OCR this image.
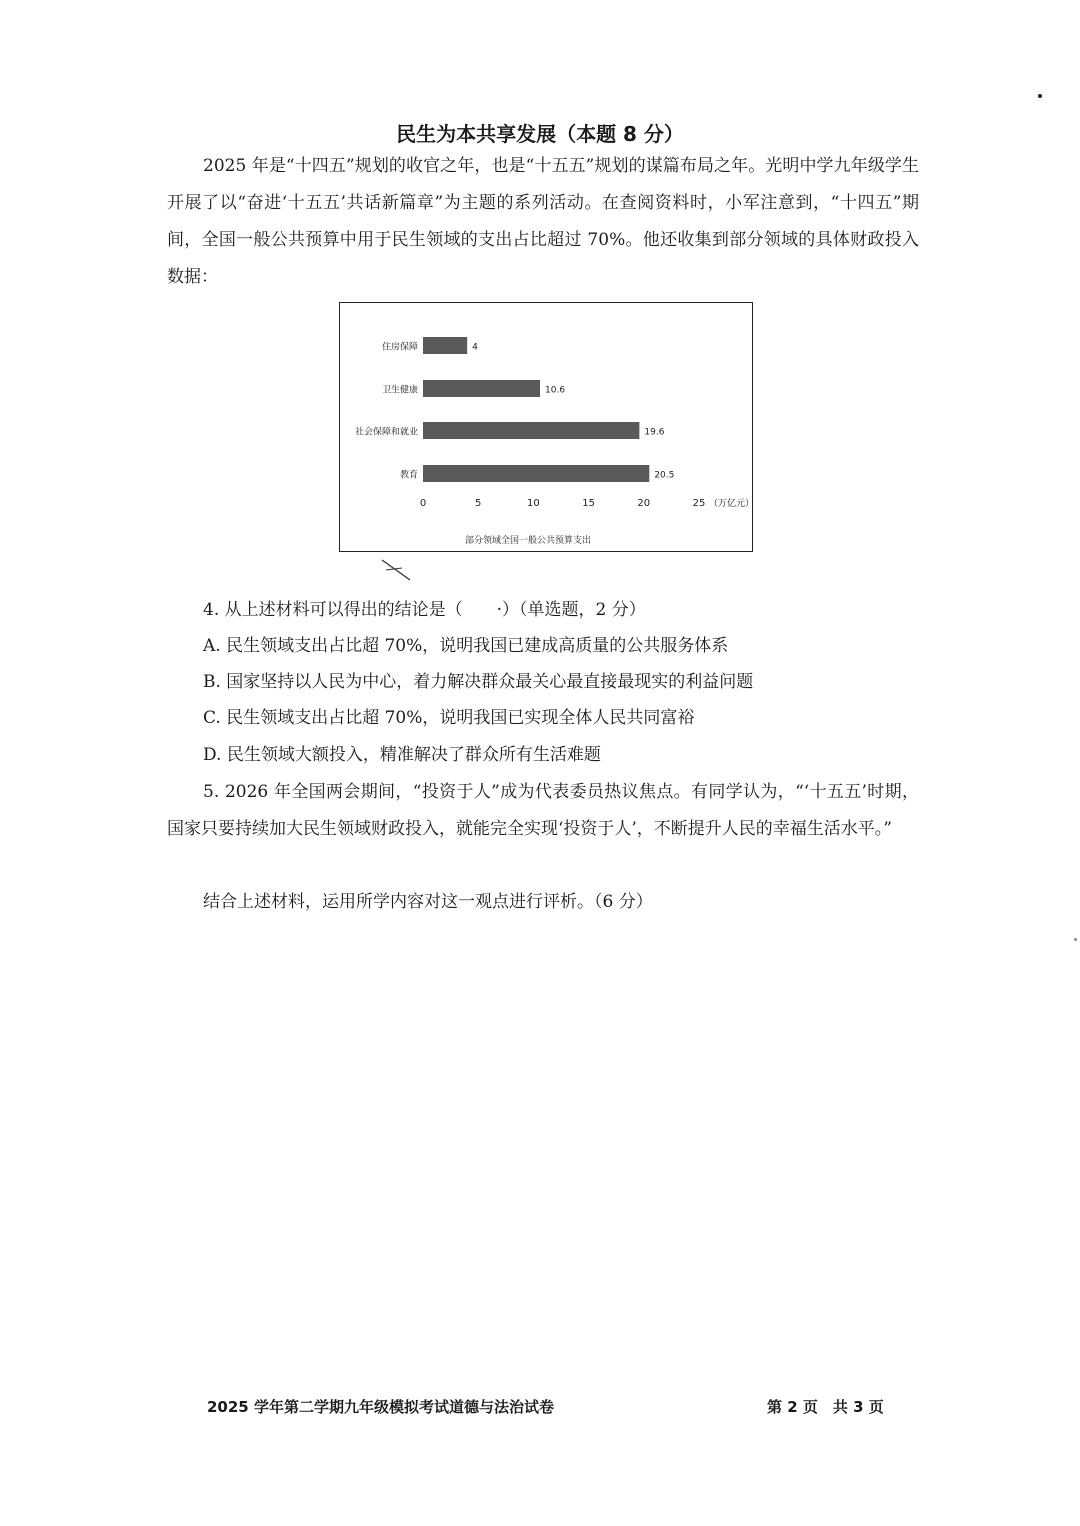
民生为本共享发展（本题 8 分）

2025 年是“十四五”规划的收官之年，也是“十五五”规划的谋篇布局之年。光明中学九年级学生开展了以“奋进‘十五五’共话新篇章”为主题的系列活动。在查阅资料时，小军注意到，“十四五”期间，全国一般公共预算中用于民生领域的支出占比超过 70%。他还收集到部分领域的具体财政投入数据：

住房保障	4
卫生健康	10.6
社会保障和就业	19.6
教育	20.5
0	5	10	15	20	25 （万亿元）
部分领域全国一般公共预算支出

4. 从上述材料可以得出的结论是（　　·）（单选题，2 分）

A. 民生领域支出占比超 70%，说明我国已建成高质量的公共服务体系

B. 国家坚持以人民为中心，着力解决群众最关心最直接最现实的利益问题

C. 民生领域支出占比超 70%，说明我国已实现全体人民共同富裕

D. 民生领域大额投入，精准解决了群众所有生活难题

5. 2026 年全国两会期间，“投资于人”成为代表委员热议焦点。有同学认为，“‘十五五’时期，国家只要持续加大民生领域财政投入，就能完全实现‘投资于人’，不断提升人民的幸福生活水平。”

结合上述材料，运用所学内容对这一观点进行评析。（6 分）

2025 学年第二学期九年级模拟考试道德与法治试卷	第 2 页　共 3 页
